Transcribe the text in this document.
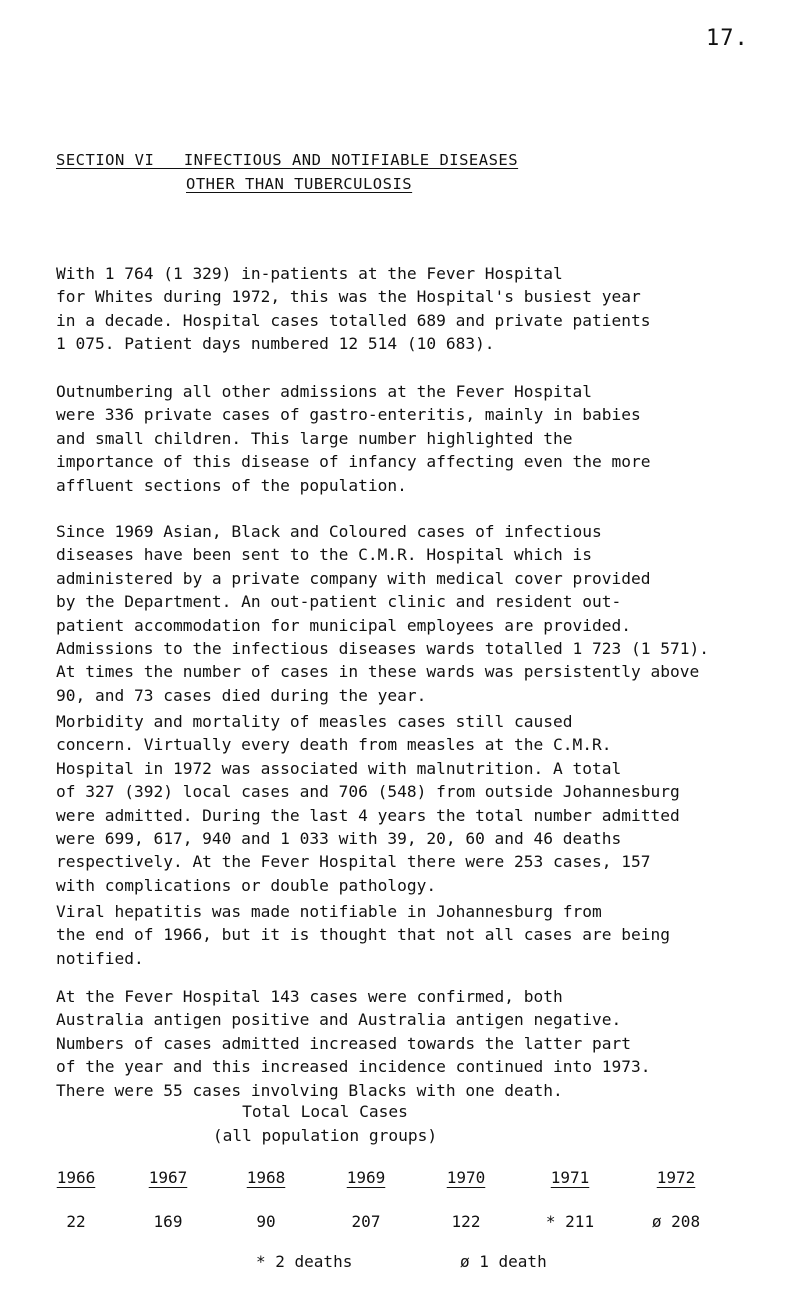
17.
SECTION VI   INFECTIOUS AND NOTIFIABLE DISEASES
OTHER THAN TUBERCULOSIS

With 1 764 (1 329) in-patients at the Fever Hospital
for Whites during 1972, this was the Hospital's busiest year
in a decade. Hospital cases totalled 689 and private patients
1 075. Patient days numbered 12 514 (10 683).

Outnumbering all other admissions at the Fever Hospital
were 336 private cases of gastro-enteritis, mainly in babies
and small children. This large number highlighted the
importance of this disease of infancy affecting even the more
affluent sections of the population.

Since 1969 Asian, Black and Coloured cases of infectious
diseases have been sent to the C.M.R. Hospital which is
administered by a private company with medical cover provided
by the Department. An out-patient clinic and resident out-
patient accommodation for municipal employees are provided.
Admissions to the infectious diseases wards totalled 1 723 (1 571).
At times the number of cases in these wards was persistently above
90, and 73 cases died during the year.

Morbidity and mortality of measles cases still caused
concern. Virtually every death from measles at the C.M.R.
Hospital in 1972 was associated with malnutrition. A total
of 327 (392) local cases and 706 (548) from outside Johannesburg
were admitted. During the last 4 years the total number admitted
were 699, 617, 940 and 1 033 with 39, 20, 60 and 46 deaths
respectively. At the Fever Hospital there were 253 cases, 157
with complications or double pathology.

Viral hepatitis was made notifiable in Johannesburg from
the end of 1966, but it is thought that not all cases are being
notified.

Total Local Cases
(all population groups)
1966	1967	1968	1969	1970	1971	1972
22	169	90	207	122	* 211	ø 208
* 2 deaths	ø 1 death

At the Fever Hospital 143 cases were confirmed, both
Australia antigen positive and Australia antigen negative.
Numbers of cases admitted increased towards the latter part
of the year and this increased incidence continued into 1973.
There were 55 cases involving Blacks with one death.
